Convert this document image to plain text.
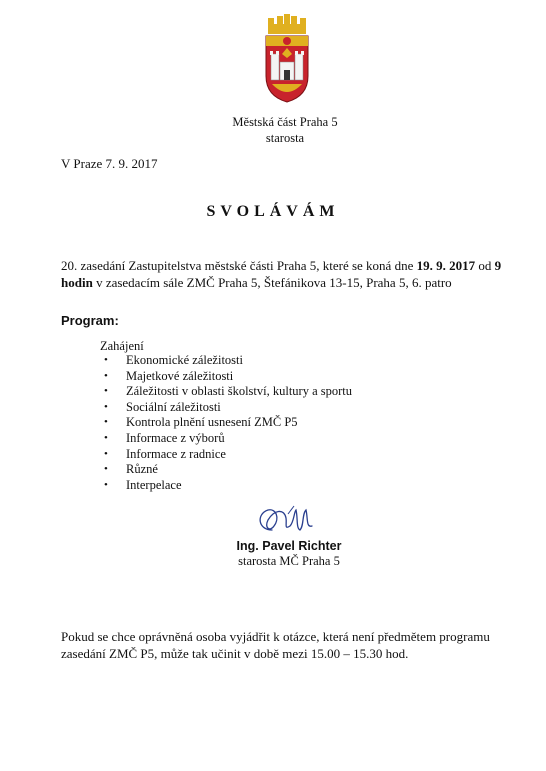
Městská část Praha 5
starosta
V Praze 7. 9. 2017
SVOLÁVÁM
20. zasedání Zastupitelstva městské části Praha 5, které se koná dne 19. 9. 2017 od 9 hodin v zasedacím sále ZMČ Praha 5, Štefánikova 13-15, Praha 5, 6. patro
Program:
Zahájení
• Ekonomické záležitosti
• Majetkové záležitosti
• Záležitosti v oblasti školství, kultury a sportu
• Sociální záležitosti
• Kontrola plnění usnesení ZMČ P5
• Informace z výborů
• Informace z radnice
• Různé
• Interpelace
Ing. Pavel Richter
starosta MČ Praha 5
Pokud se chce oprávněná osoba vyjádřit k otázce, která není předmětem programu zasedání ZMČ P5, může tak učinit v době mezi 15.00 – 15.30 hod.
